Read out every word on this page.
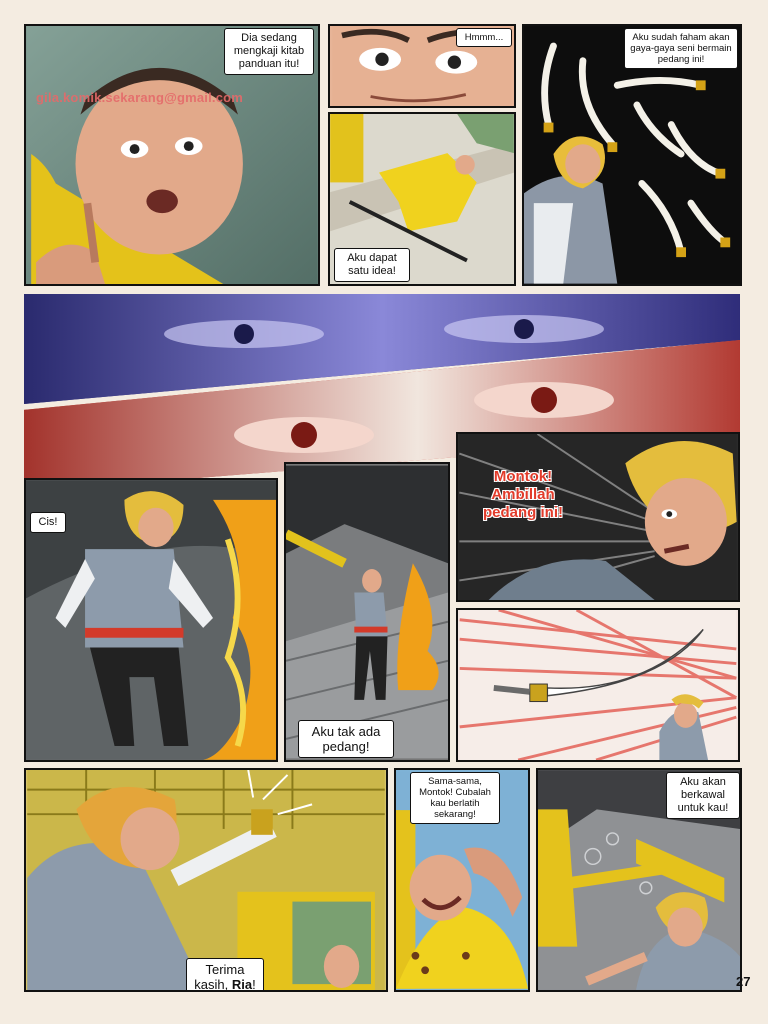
Dia sedang mengkaji kitab panduan itu!
gila.komik.sekarang@gmail.com
Hmmm...
Aku dapat satu idea!
Aku sudah faham akan gaya-gaya seni bermain pedang ini!
Cis!
Aku tak ada pedang!
Montok! Ambillah pedang ini!
Terima kasih, Ria!
Sama-sama, Montok! Cubalah kau berlatih sekarang!
Aku akan berkawal untuk kau!
27
